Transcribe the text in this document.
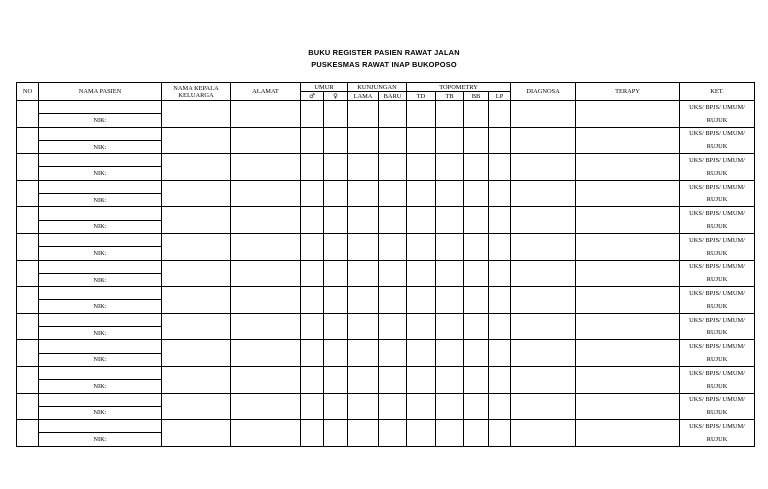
BUKU REGISTER PASIEN RAWAT JALAN
PUSKESMAS RAWAT INAP BUKOPOSO
NO	NAMA PASIEN	NAMA KEPALA
KELUARGA	ALAMAT	UMUR		KUNJUNGAN		TOPOMETRY				DIAGNOSA	TERAPY	KET.
				♂	♀	LAMA	BARU	TD	TB	BB	LP			
														UKS/ BPJS/ UMUM/
	NIK:													RUJUK
														UKS/ BPJS/ UMUM/
	NIK:													RUJUK
														UKS/ BPJS/ UMUM/
	NIK:													RUJUK
														UKS/ BPJS/ UMUM/
	NIK:													RUJUK
														UKS/ BPJS/ UMUM/
	NIK:													RUJUK
														UKS/ BPJS/ UMUM/
	NIK:													RUJUK
														UKS/ BPJS/ UMUM/
	NIK:													RUJUK
														UKS/ BPJS/ UMUM/
	NIK:													RUJUK
														UKS/ BPJS/ UMUM/
	NIK:													RUJUK
														UKS/ BPJS/ UMUM/
	NIK:													RUJUK
														UKS/ BPJS/ UMUM/
	NIK:													RUJUK
														UKS/ BPJS/ UMUM/
	NIK:													RUJUK
														UKS/ BPJS/ UMUM/
	NIK:													RUJUK
